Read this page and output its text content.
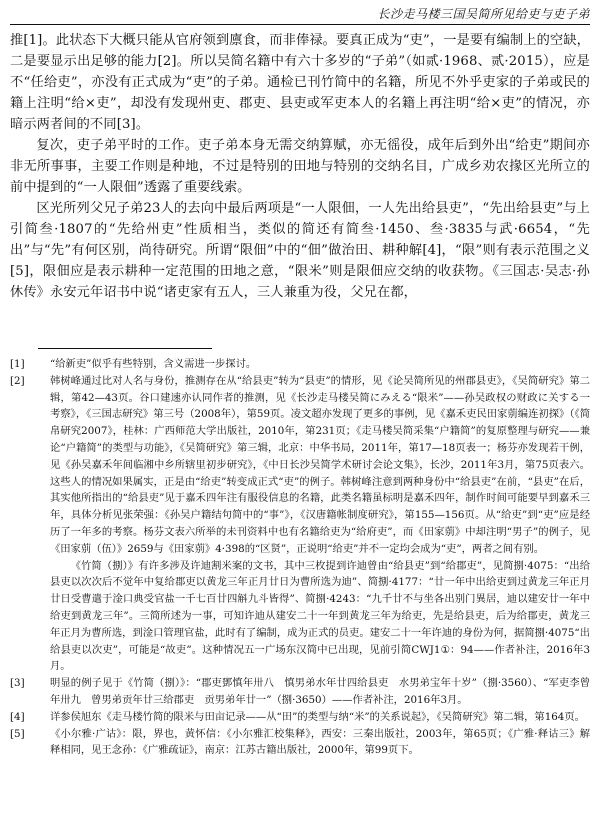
长沙走马楼三国吴简所见给吏与吏子弟

推[1]。此状态下大概只能从官府领到廪食，而非俸禄。要真正成为“吏”，一是要有编制上的空缺，二是要显示出足够的能力[2]。所以吴简名籍中有六十多岁的“子弟”（如贰·1968、贰·2015），应是不“任给吏”，亦没有正式成为“吏”的子弟。通检已刊竹简中的名籍，所见不外乎吏家的子弟或民的籍上注明“给×吏”，却没有发现州吏、郡吏、县吏或军吏本人的名籍上再注明“给×吏”的情况，亦暗示两者间的不同[3]。

复次，吏子弟平时的工作。吏子弟本身无需交纳算赋，亦无徭役，成年后到外出“给吏”期间亦非无所事事，主要工作则是种地，不过是特别的田地与特别的交纳名目，广成乡劝农掾区光所立的前中提到的“一人限佃”透露了重要线索。

区光所列父兄子弟23人的去向中最后两项是“一人限佃，一人先出给县吏”，“先出给县吏”与上引简叁·1807的“先给州吏”性质相当，类似的简还有简叁·1450、叁·3835与武·6654，“先出”与“先”有何区别，尚待研究。所谓“限佃”中的“佃”做治田、耕种解[4]，“限”则有表示范围之义[5]，限佃应是表示耕种一定范围的田地之意，“限米”则是限佃应交纳的收获物。《三国志·吴志·孙休传》永安元年诏书中说“诸吏家有五人，三人兼重为役，父兄在都，

[1] “给新吏”似乎有些特别，含义需进一步探讨。

[2] 韩树峰通过比对人名与身份，推测存在从“给县吏”转为“县吏”的情形，见《论吴简所见的州郡县吏》，《吴简研究》第二辑，第42—43页。谷口建速亦认同作者的推测，见《长沙走马楼吴简にみえる“限米”——孙吴政权の财政に关する一考察》，《三国志研究》第三号（2008年），第59页。凌文超亦发现了更多的事例，见《嘉禾吏民田家莂编连初探》（《简帛研究2007》，桂林：广西师范大学出版社，2010年，第231页；《走马楼吴简采集“户籍简”的复原整理与研究——兼论“户籍简”的类型与功能》，《吴简研究》第三辑，北京：中华书局，2011年，第17—18页表一；杨芬亦发现若干例，见《孙吴嘉禾年间临湘中乡所辖里初步研究》，《中日长沙吴简学术研讨会论文集》，长沙，2011年3月，第75页表六。这些人的情况如果属实，正是由“给吏”转变成正式“吏”的例子。韩树峰注意到两种身份中“给县吏”在前，“县吏”在后，其实他所指出的“给县吏”见于嘉禾四年注有服役信息的名籍，此类名籍虽标明是嘉禾四年，制作时间可能要早到嘉禾三年，具体分析见张荣强：《孙吴户籍结句简中的“事”》，《汉唐籍帐制度研究》，第155—156页。从“给吏”到“吏”应是经历了一年多的考察。杨芬文表六所举的未刊资料中也有名籍给吏为“给府吏”，而《田家莂》中却注明“男子”的例子，见《田家莂（伍）》2659与《田家莂》4·398的“区贤”，正说明“给吏”并不一定均会成为“吏”，两者之间有别。

《竹简（捌）》有许多涉及许迪割米案的文书，其中三枚提到许迪曾由“给县吏”到“给郡吏”，见简捌·4075：“出给县吏以次次后不觉年中复给郡吏以黄龙三年正月廿日为曹所选为迪”、简捌·4177：“廿一年中出给吏到过黄龙三年正月廿日受曹遣于淦口典受官盐一千七百廿四斛九斗皆得”、简捌·4243：“九千廿不与坐各出别门異居，迪以建安廿一年中给吏到黄龙三年”。三简所述为一事，可知许迪从建安二十一年到黄龙三年为给吏，先是给县吏，后为给郡吏，黄龙三年正月为曹所选，到淦口管理官盐，此时有了编制，成为正式的员吏。建安二十一年许迪的身份为何，据简捌·4075“出给县吏以次吏”，可能是“故吏”。这种情况五一广场东汉简中已出现，见前引简CWJ1①：94——作者补注，2016年3月。

[3] 明显的例子见于《竹简（捌）》：“郡吏鄧慎年卅八　慎男弟水年廿四给县吏　水男弟宝年十岁”（捌·3560）、“军吏李曾年卅九　曾男弟贡年廿三给郡吏　贡男弟年廿一”（捌·3650）——作者补注，2016年3月。

[4] 详参侯旭东《走马楼竹简的限米与田亩记录——从“田”的类型与纳“米”的关系说起》，《吴简研究》第二辑，第164页。

[5] 《小尔雅·广诂》：限，界也，黄怀信：《小尔雅汇校集释》，西安：三秦出版社，2003年，第65页；《广雅·释诂三》解释相同，见王念孙：《广雅疏证》，南京：江苏古籍出版社，2000年，第99页下。
